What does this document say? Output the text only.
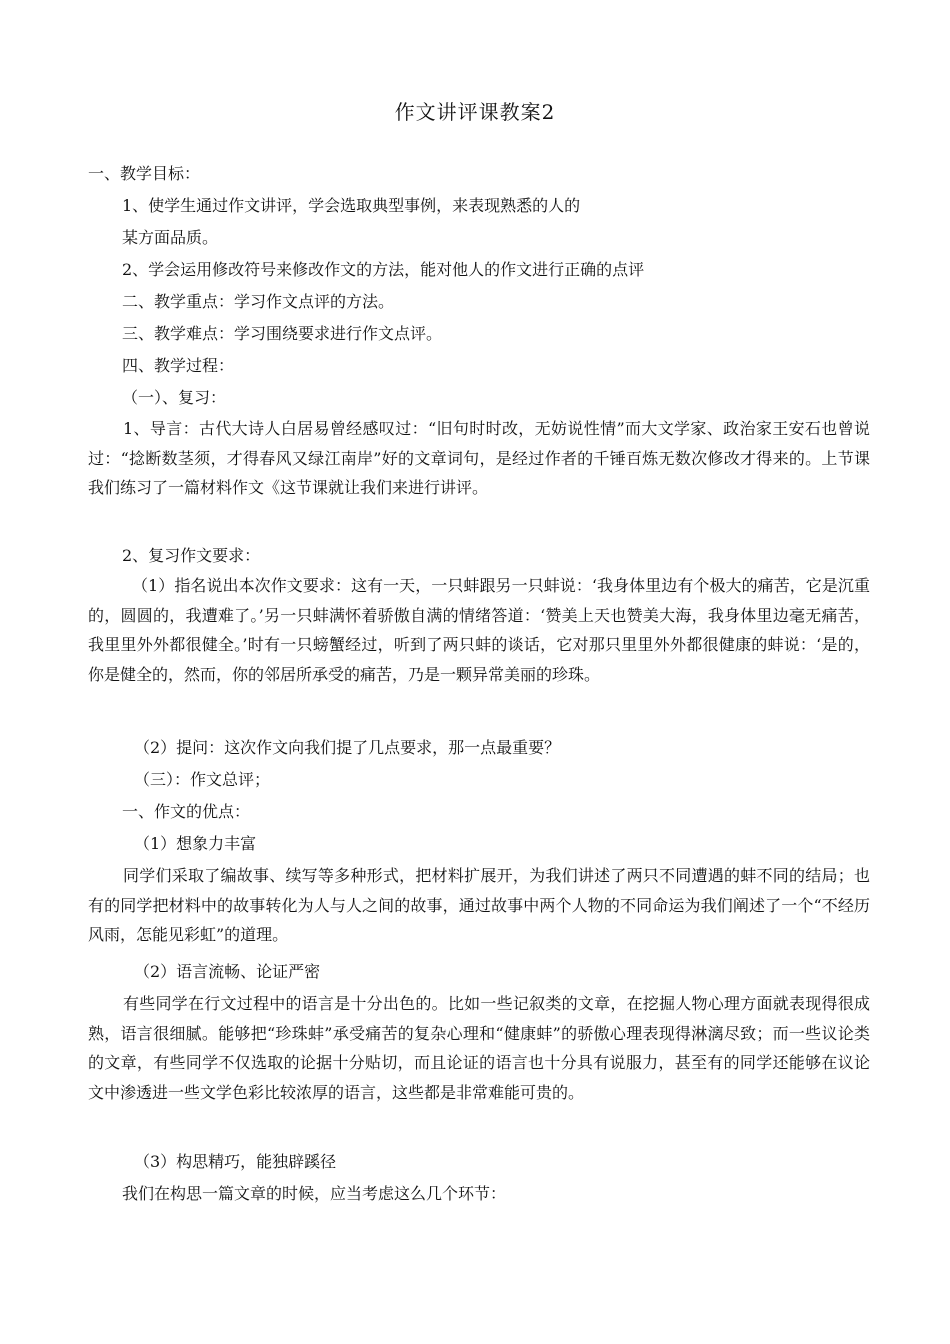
作文讲评课教案2
一、教学目标：
1、使学生通过作文讲评，学会选取典型事例，来表现熟悉的人的
某方面品质。
2、学会运用修改符号来修改作文的方法，能对他人的作文进行正确的点评
二、教学重点：学习作文点评的方法。
三、教学难点：学习围绕要求进行作文点评。
四、教学过程：
（一）、复习：
1、导言：古代大诗人白居易曾经感叹过：“旧句时时改，无妨说性情”而大文学家、政治家王安石也曾说过：“捻断数茎须，才得春风又绿江南岸”好的文章词句，是经过作者的千锤百炼无数次修改才得来的。上节课我们练习了一篇材料作文《这节课就让我们来进行讲评。
2、复习作文要求：
（1）指名说出本次作文要求：这有一天，一只蚌跟另一只蚌说：‘我身体里边有个极大的痛苦，它是沉重的，圆圆的，我遭难了。’另一只蚌满怀着骄傲自满的情绪答道：‘赞美上天也赞美大海，我身体里边毫无痛苦，我里里外外都很健全。’时有一只螃蟹经过，听到了两只蚌的谈话，它对那只里里外外都很健康的蚌说：‘是的，你是健全的，然而，你的邻居所承受的痛苦，乃是一颗异常美丽的珍珠。
（2）提问：这次作文向我们提了几点要求，那一点最重要？
（三）：作文总评；
一、作文的优点：
（1）想象力丰富
同学们采取了编故事、续写等多种形式，把材料扩展开，为我们讲述了两只不同遭遇的蚌不同的结局；也有的同学把材料中的故事转化为人与人之间的故事，通过故事中两个人物的不同命运为我们阐述了一个“不经历风雨，怎能见彩虹”的道理。
（2）语言流畅、论证严密
有些同学在行文过程中的语言是十分出色的。比如一些记叙类的文章，在挖掘人物心理方面就表现得很成熟，语言很细腻。能够把“珍珠蚌”承受痛苦的复杂心理和“健康蚌”的骄傲心理表现得淋漓尽致；而一些议论类的文章，有些同学不仅选取的论据十分贴切，而且论证的语言也十分具有说服力，甚至有的同学还能够在议论文中渗透进一些文学色彩比较浓厚的语言，这些都是非常难能可贵的。
（3）构思精巧，能独辟蹊径
我们在构思一篇文章的时候，应当考虑这么几个环节：
